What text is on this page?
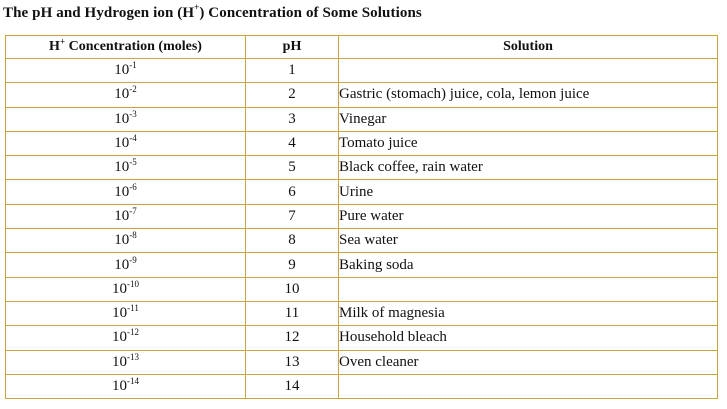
The pH and Hydrogen ion (H+) Concentration of Some Solutions
H+ Concentration (moles)	pH	Solution
$10^{-1}$	1	
$10^{-2}$	2	Gastric (stomach) juice, cola, lemon juice
$10^{-3}$	3	Vinegar
$10^{-4}$	4	Tomato juice
$10^{-5}$	5	Black coffee, rain water
$10^{-6}$	6	Urine
$10^{-7}$	7	Pure water
$10^{-8}$	8	Sea water
$10^{-9}$	9	Baking soda
$10^{-10}$	10	
$10^{-11}$	11	Milk of magnesia
$10^{-12}$	12	Household bleach
$10^{-13}$	13	Oven cleaner
$10^{-14}$	14	
